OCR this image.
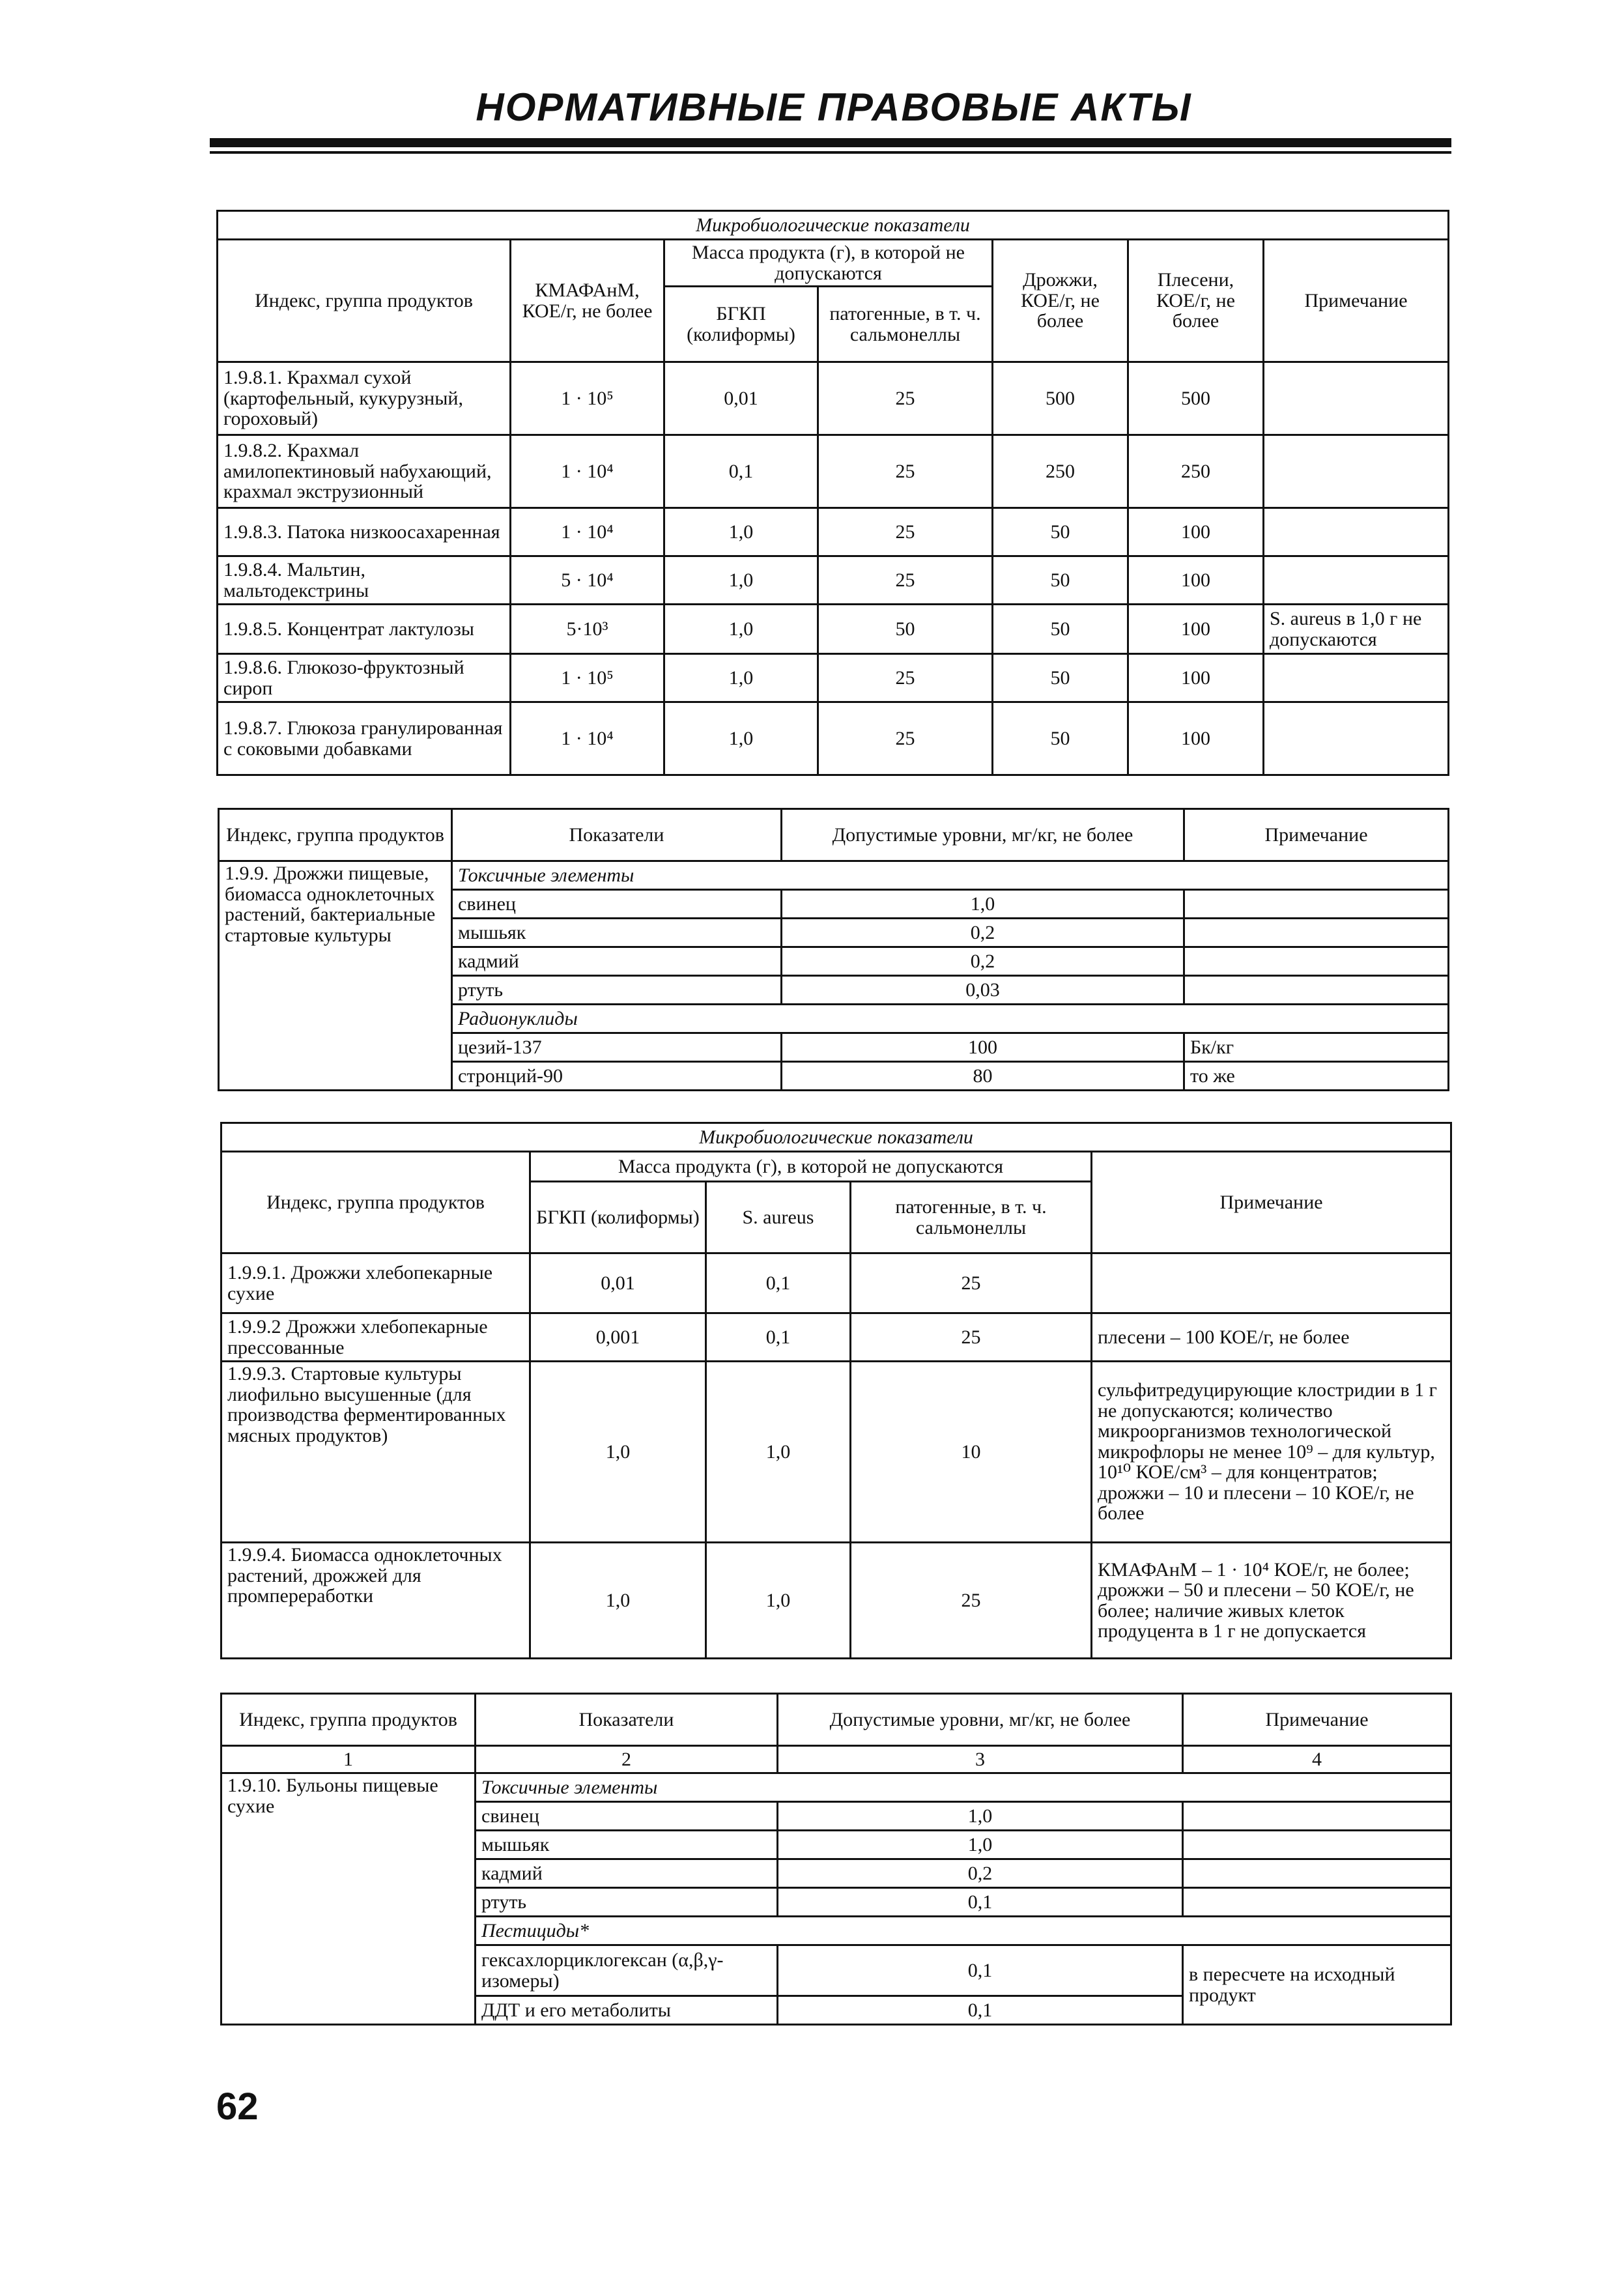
НОРМАТИВНЫЕ ПРАВОВЫЕ АКТЫ
Микробиологические показатели						
Индекс, группа продуктов	КМАФАнМ, КОЕ/г, не более	Масса продукта (г), в которой не допускаются		Дрожжи, КОЕ/г, не более	Плесени, КОЕ/г, не более	Примечание
		БГКП (колиформы)	патогенные, в т. ч. сальмонеллы			
1.9.8.1. Крахмал сухой (картофельный, кукурузный, гороховый)	1 · 10⁵	0,01	25	500	500	
1.9.8.2. Крахмал амилопектиновый набухающий, крахмал экструзионный	1 · 10⁴	0,1	25	250	250	
1.9.8.3. Патока низкоосахаренная	1 · 10⁴	1,0	25	50	100	
1.9.8.4. Мальтин, мальтодекстрины	5 · 10⁴	1,0	25	50	100	
1.9.8.5. Концентрат лактулозы	5·10³	1,0	50	50	100	S. aureus в 1,0 г не допускаются
1.9.8.6. Глюкозо-фруктозный сироп	1 · 10⁵	1,0	25	50	100	
1.9.8.7. Глюкоза гранулированная с соковыми добавками	1 · 10⁴	1,0	25	50	100	
Индекс, группа продуктов	Показатели	Допустимые уровни, мг/кг, не более	Примечание
1.9.9. Дрожжи пищевые, биомасса одноклеточных растений, бактериальные стартовые культуры	Токсичные элементы		
	свинец	1,0	
	мышьяк	0,2	
	кадмий	0,2	
	ртуть	0,03	
	Радионуклиды		
	цезий-137	100	Бк/кг
	стронций-90	80	то же
Микробиологические показатели				
Индекс, группа продуктов	Масса продукта (г), в которой не допускаются			Примечание
	БГКП (колиформы)	S. aureus	патогенные, в т. ч. сальмонеллы	
1.9.9.1. Дрожжи хлебопекарные сухие	0,01	0,1	25	
1.9.9.2 Дрожжи хлебопекарные прессованные	0,001	0,1	25	плесени – 100 КОЕ/г, не более
1.9.9.3. Стартовые культуры лиофильно высушенные (для производства ферментированных мясных продуктов)	1,0	1,0	10	сульфитредуцирующие клостридии в 1 г не допускаются; количество микроорганизмов технологической микрофлоры не менее 10⁹ – для культур, 10¹⁰ КОЕ/см³ – для концентратов; дрожжи – 10 и плесени – 10 КОЕ/г, не более
1.9.9.4. Биомасса одноклеточных растений, дрожжей для промпереработки	1,0	1,0	25	КМАФАнМ – 1 · 10⁴ КОЕ/г, не более; дрожжи – 50 и плесени – 50 КОЕ/г, не более; наличие живых клеток продуцента в 1 г не допускается
Индекс, группа продуктов	Показатели	Допустимые уровни, мг/кг, не более	Примечание
1	2	3	4
1.9.10. Бульоны пищевые сухие	Токсичные элементы		
	свинец	1,0	
	мышьяк	1,0	
	кадмий	0,2	
	ртуть	0,1	
	Пестициды*		
	гексахлорциклогексан (α,β,γ-изомеры)	0,1	в пересчете на исходный продукт
	ДДТ и его метаболиты	0,1	
62
